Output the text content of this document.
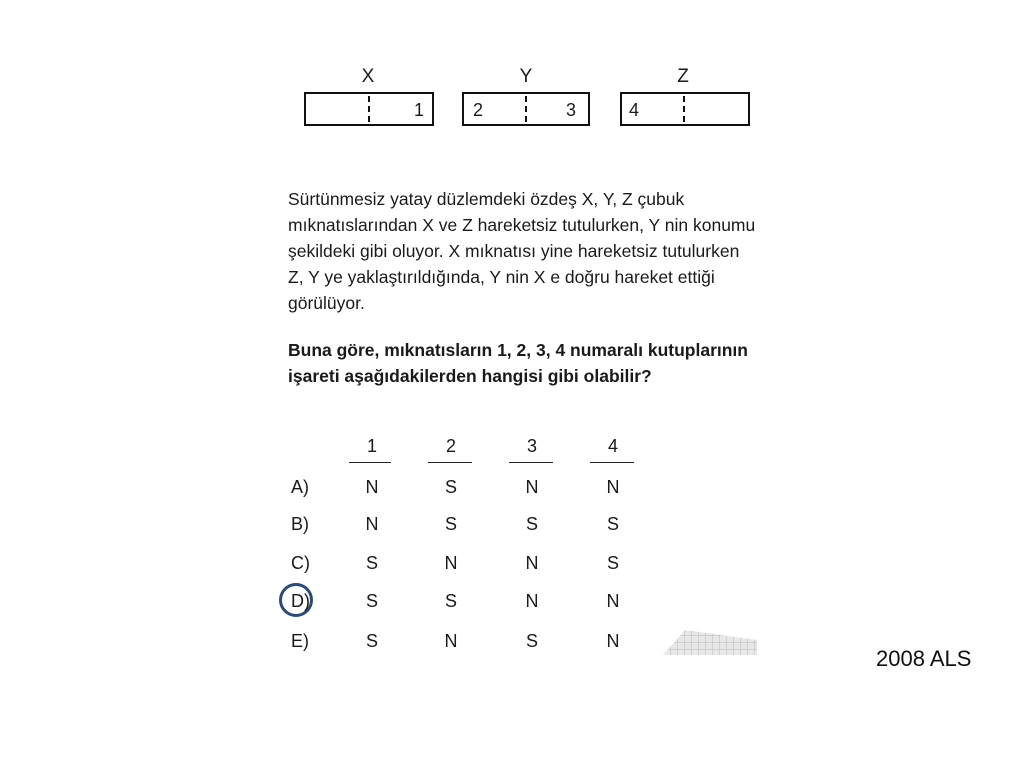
X
1
Y
2	3
Z
4

Sürtünmesiz yatay düzlemdeki özdeş X, Y, Z çubuk mıknatıslarından X ve Z hareketsiz tutulurken, Y nin konumu şekildeki gibi oluyor. X mıknatısı yine hareketsiz tutulurken Z, Y ye yaklaştırıldığında, Y nin X e doğru hareket ettiği görülüyor.

Buna göre, mıknatısların 1, 2, 3, 4 numaralı kutuplarının işareti aşağıdakilerden hangisi gibi olabilir?

1	2	3	4
A)	N	S	N	N
B)	N	S	S	S
C)	S	N	N	S
D)	S	S	N	N
E)	S	N	S	N
2008 ALS
